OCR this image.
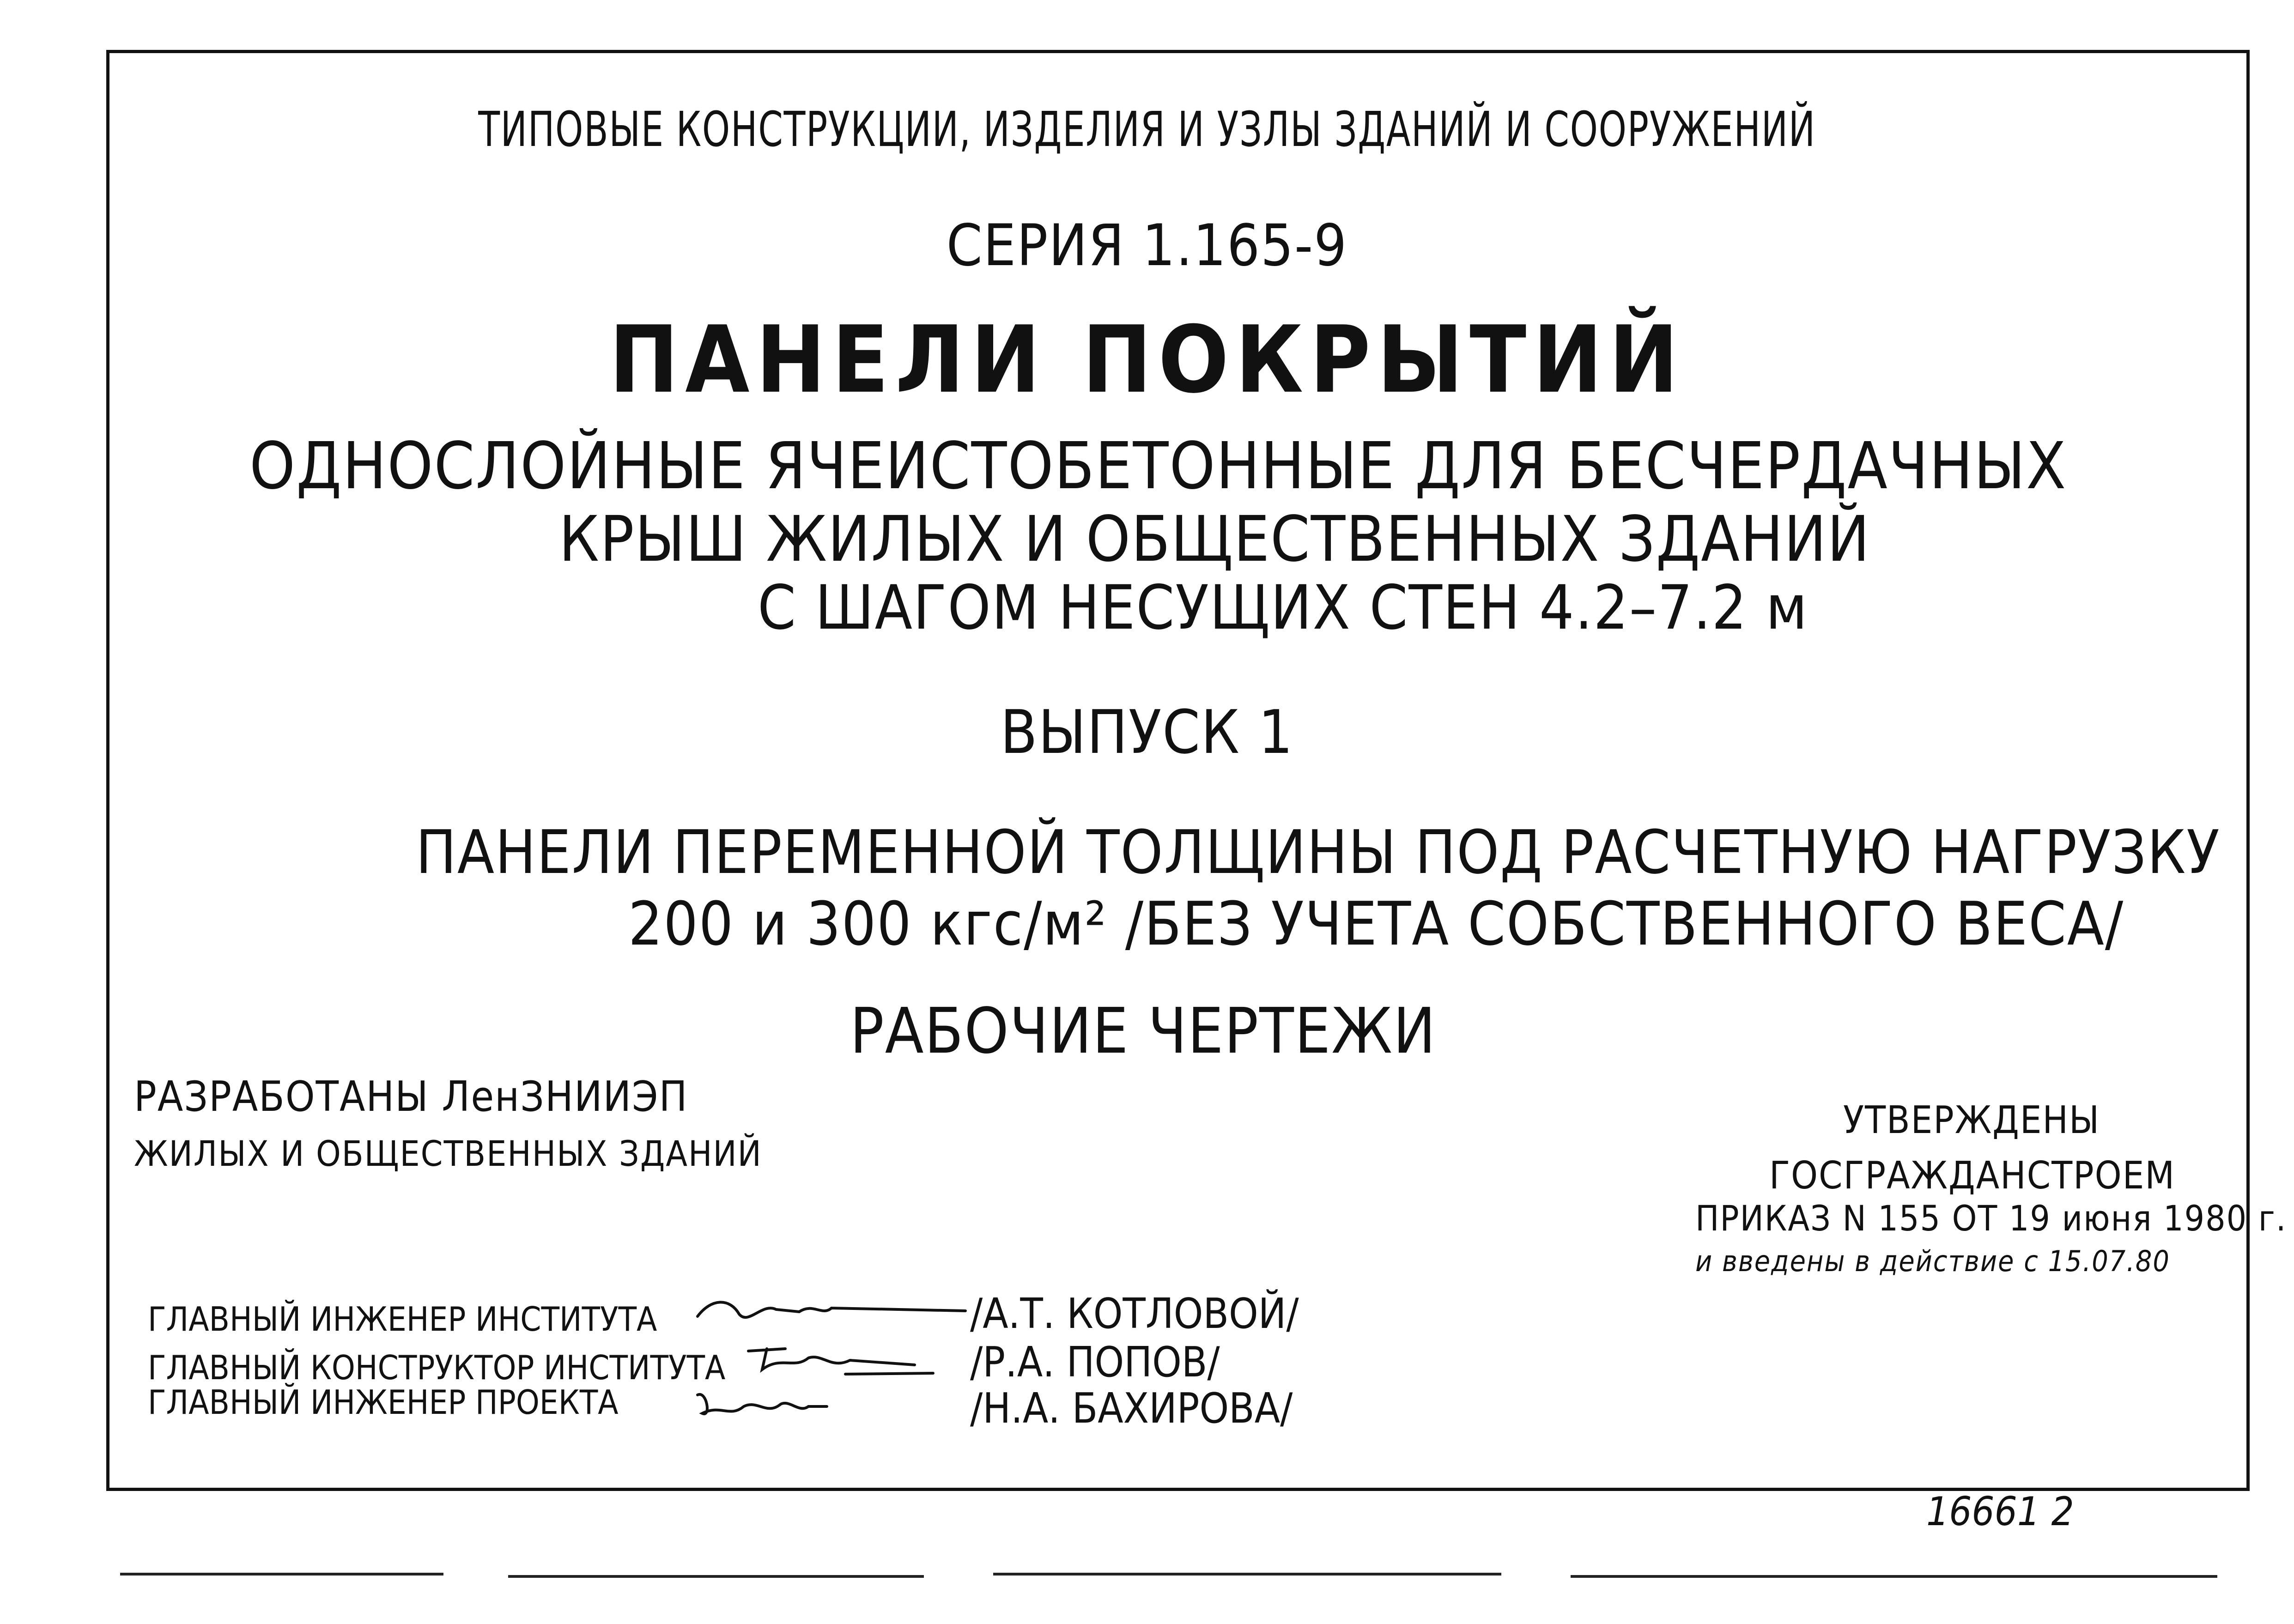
ТИПОВЫЕ КОНСТРУКЦИИ, ИЗДЕЛИЯ И УЗЛЫ ЗДАНИЙ И СООРУЖЕНИЙ
СЕРИЯ 1.165-9
ПАНЕЛИ ПОКРЫТИЙ
ОДНОСЛОЙНЫЕ ЯЧЕИСТОБЕТОННЫЕ ДЛЯ БЕСЧЕРДАЧНЫХ
КРЫШ ЖИЛЫХ И ОБЩЕСТВЕННЫХ ЗДАНИЙ
С ШАГОМ НЕСУЩИХ СТЕН 4.2–7.2 м
ВЫПУСК 1
ПАНЕЛИ ПЕРЕМЕННОЙ ТОЛЩИНЫ ПОД РАСЧЕТНУЮ НАГРУЗКУ
200 и 300 кгс/м² /БЕЗ УЧЕТА СОБСТВЕННОГО ВЕСА/
РАБОЧИЕ ЧЕРТЕЖИ
РАЗРАБОТАНЫ ЛенЗНИИЭП
ЖИЛЫХ И ОБЩЕСТВЕННЫХ ЗДАНИЙ
УТВЕРЖДЕНЫ
ГОСГРАЖДАНСТРОЕМ
ПРИКАЗ N 155 ОТ 19 июня 1980 г.
и введены в действие с 15.07.80
ГЛАВНЫЙ ИНЖЕНЕР ИНСТИТУТА
ГЛАВНЫЙ КОНСТРУКТОР ИНСТИТУТА
ГЛАВНЫЙ ИНЖЕНЕР ПРОЕКТА
/А.Т. КОТЛОВОЙ/
/Р.А. ПОПОВ/
/Н.А. БАХИРОВА/
16661 2
